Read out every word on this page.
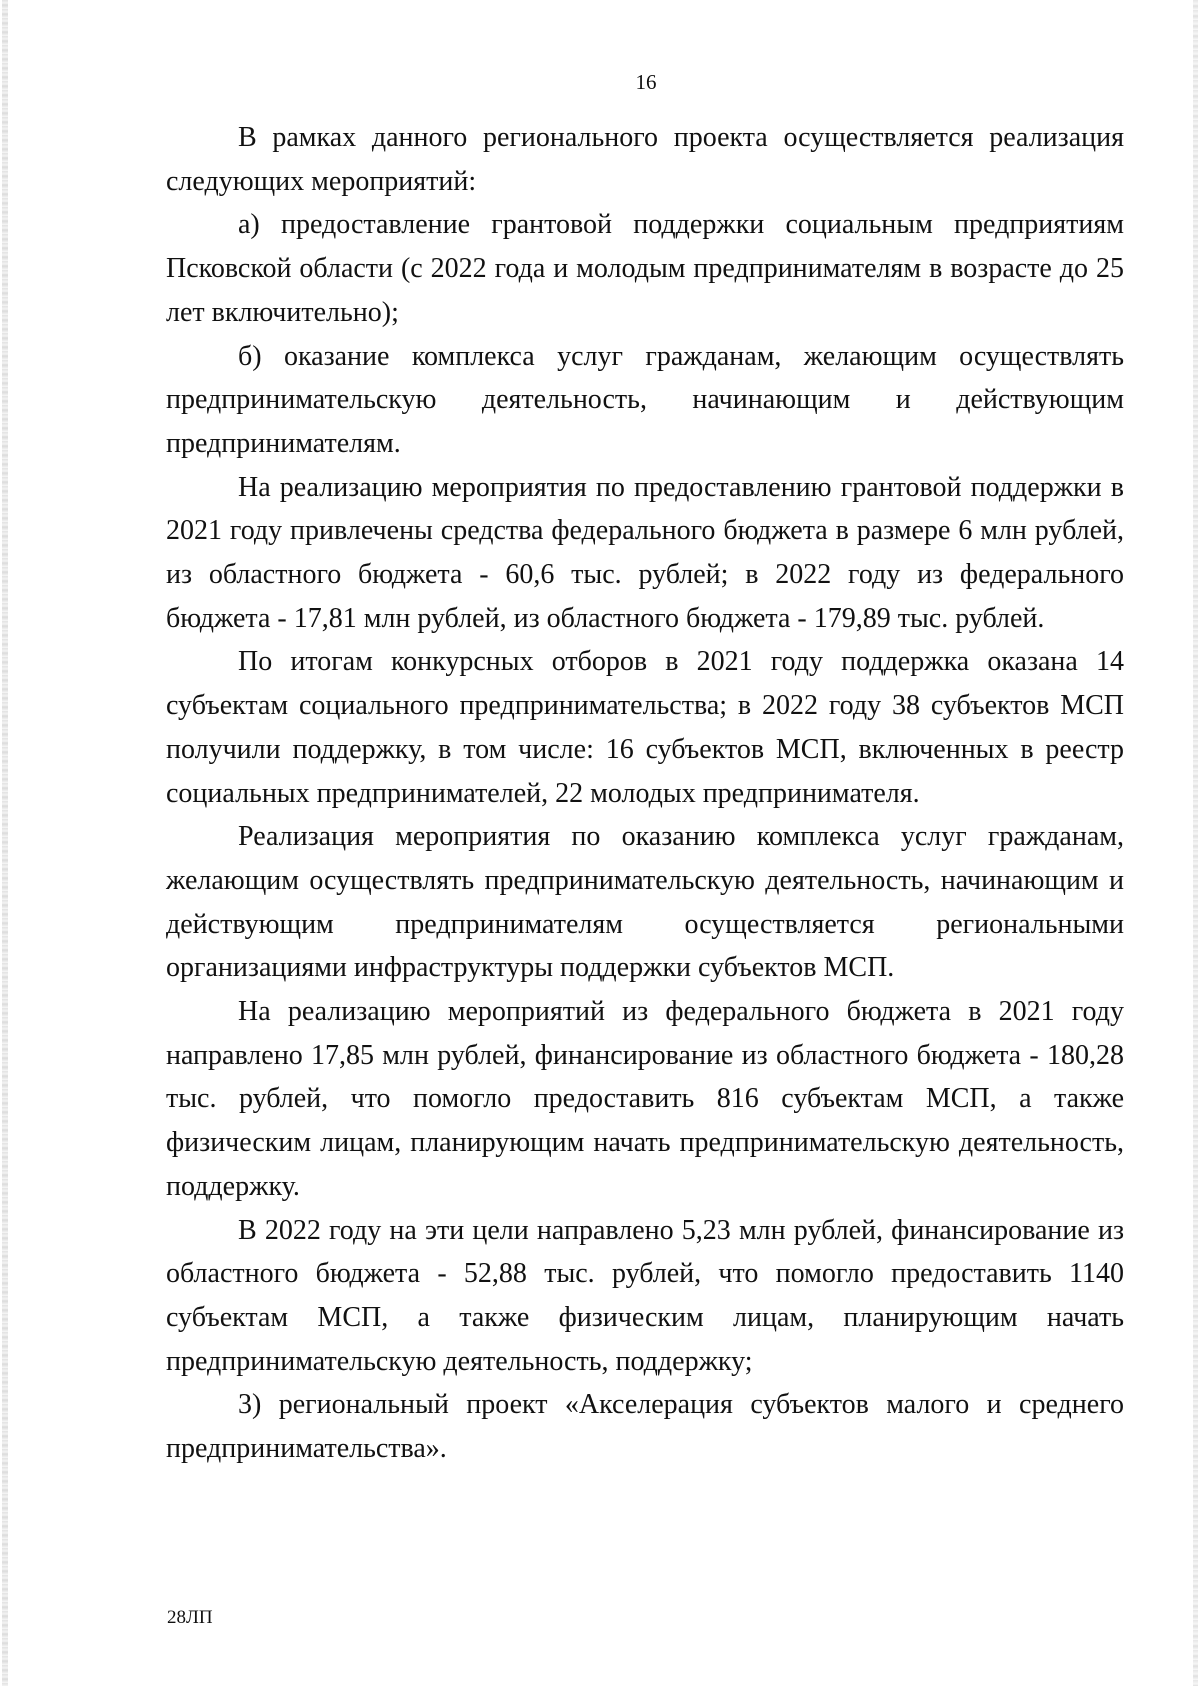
16

В рамках данного регионального проекта осуществляется реализация следующих мероприятий:

а) предоставление грантовой поддержки социальным предприятиям Псковской области (с 2022 года и молодым предпринимателям в возрасте до 25 лет включительно);

б) оказание комплекса услуг гражданам, желающим осуществлять предпринимательскую деятельность, начинающим и действующим предпринимателям.

На реализацию мероприятия по предоставлению грантовой поддержки в 2021 году привлечены средства федерального бюджета в размере 6 млн рублей, из областного бюджета - 60,6 тыс. рублей; в 2022 году из федерального бюджета - 17,81 млн рублей, из областного бюджета - 179,89 тыс. рублей.

По итогам конкурсных отборов в 2021 году поддержка оказана 14 субъектам социального предпринимательства; в 2022 году 38 субъектов МСП получили поддержку, в том числе: 16 субъектов МСП, включенных в реестр социальных предпринимателей, 22 молодых предпринимателя.

Реализация мероприятия по оказанию комплекса услуг гражданам, желающим осуществлять предпринимательскую деятельность, начинающим и действующим предпринимателям осуществляется региональными организациями инфраструктуры поддержки субъектов МСП.

На реализацию мероприятий из федерального бюджета в 2021 году направлено 17,85 млн рублей, финансирование из областного бюджета - 180,28 тыс. рублей, что помогло предоставить 816 субъектам МСП, а также физическим лицам, планирующим начать предпринимательскую деятельность, поддержку.

В 2022 году на эти цели направлено 5,23 млн рублей, финансирование из областного бюджета - 52,88 тыс. рублей, что помогло предоставить 1140 субъектам МСП, а также физическим лицам, планирующим начать предпринимательскую деятельность, поддержку;

3) региональный проект «Акселерация субъектов малого и среднего предпринимательства».

28ЛП
